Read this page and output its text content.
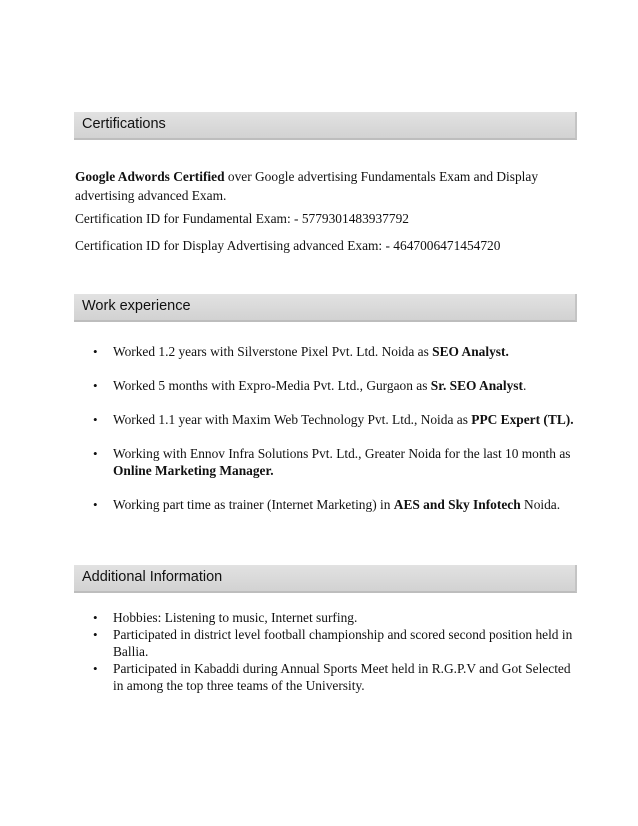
Certifications

Google Adwords Certified over Google advertising Fundamentals Exam and Display advertising advanced Exam.

Certification ID for Fundamental Exam: - 5779301483937792

Certification ID for Display Advertising advanced Exam: - 4647006471454720

Work experience
• Worked 1.2 years with Silverstone Pixel Pvt. Ltd. Noida as SEO Analyst.
• Worked 5 months with Expro-Media Pvt. Ltd., Gurgaon as Sr. SEO Analyst.
• Worked 1.1 year with Maxim Web Technology Pvt. Ltd., Noida as PPC Expert (TL).
• Working with Ennov Infra Solutions Pvt. Ltd., Greater Noida for the last 10 month as Online Marketing Manager.
• Working part time as trainer (Internet Marketing) in AES and Sky Infotech Noida.
Additional Information
• Hobbies: Listening to music, Internet surfing.
• Participated in district level football championship and scored second position held in Ballia.
• Participated in Kabaddi during Annual Sports Meet held in R.G.P.V and Got Selected in among the top three teams of the University.
